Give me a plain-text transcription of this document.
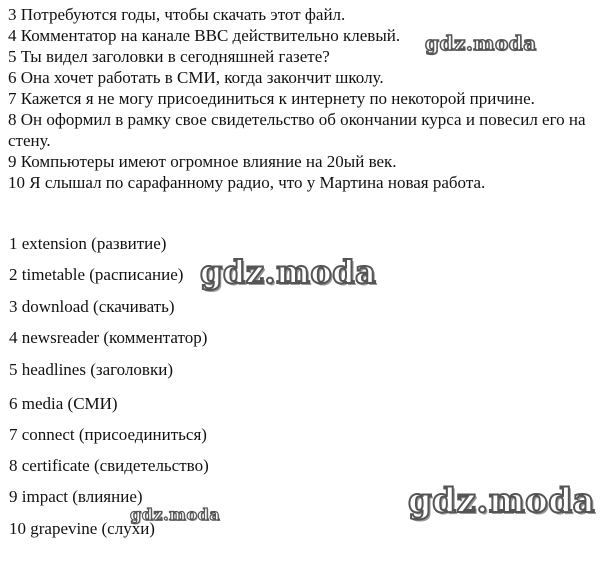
3 Потребуются годы, чтобы скачать этот файл.
4 Комментатор на канале BBC действительно клевый.
5 Ты видел заголовки в сегодняшней газете?
6 Она хочет работать в СМИ, когда закончит школу.
7 Кажется я не могу присоединиться к интернету по некоторой причине.
8 Он оформил в рамку свое свидетельство об окончании курса и повесил его на стену.
9 Компьютеры имеют огромное влияние на 20ый век.
10 Я слышал по сарафанному радио, что у Мартина новая работа.
1 extension (развитие)
2 timetable (расписание)
3 download (скачивать)
4 newsreader (комментатор)
5 headlines (заголовки)
6 media (СМИ)
7 connect (присоединиться)
8 certificate (свидетельство)
9 impact (влияние)
10 grapevine (слухи)
gdz.moda
gdz.moda
gdz.moda
gdz.moda
